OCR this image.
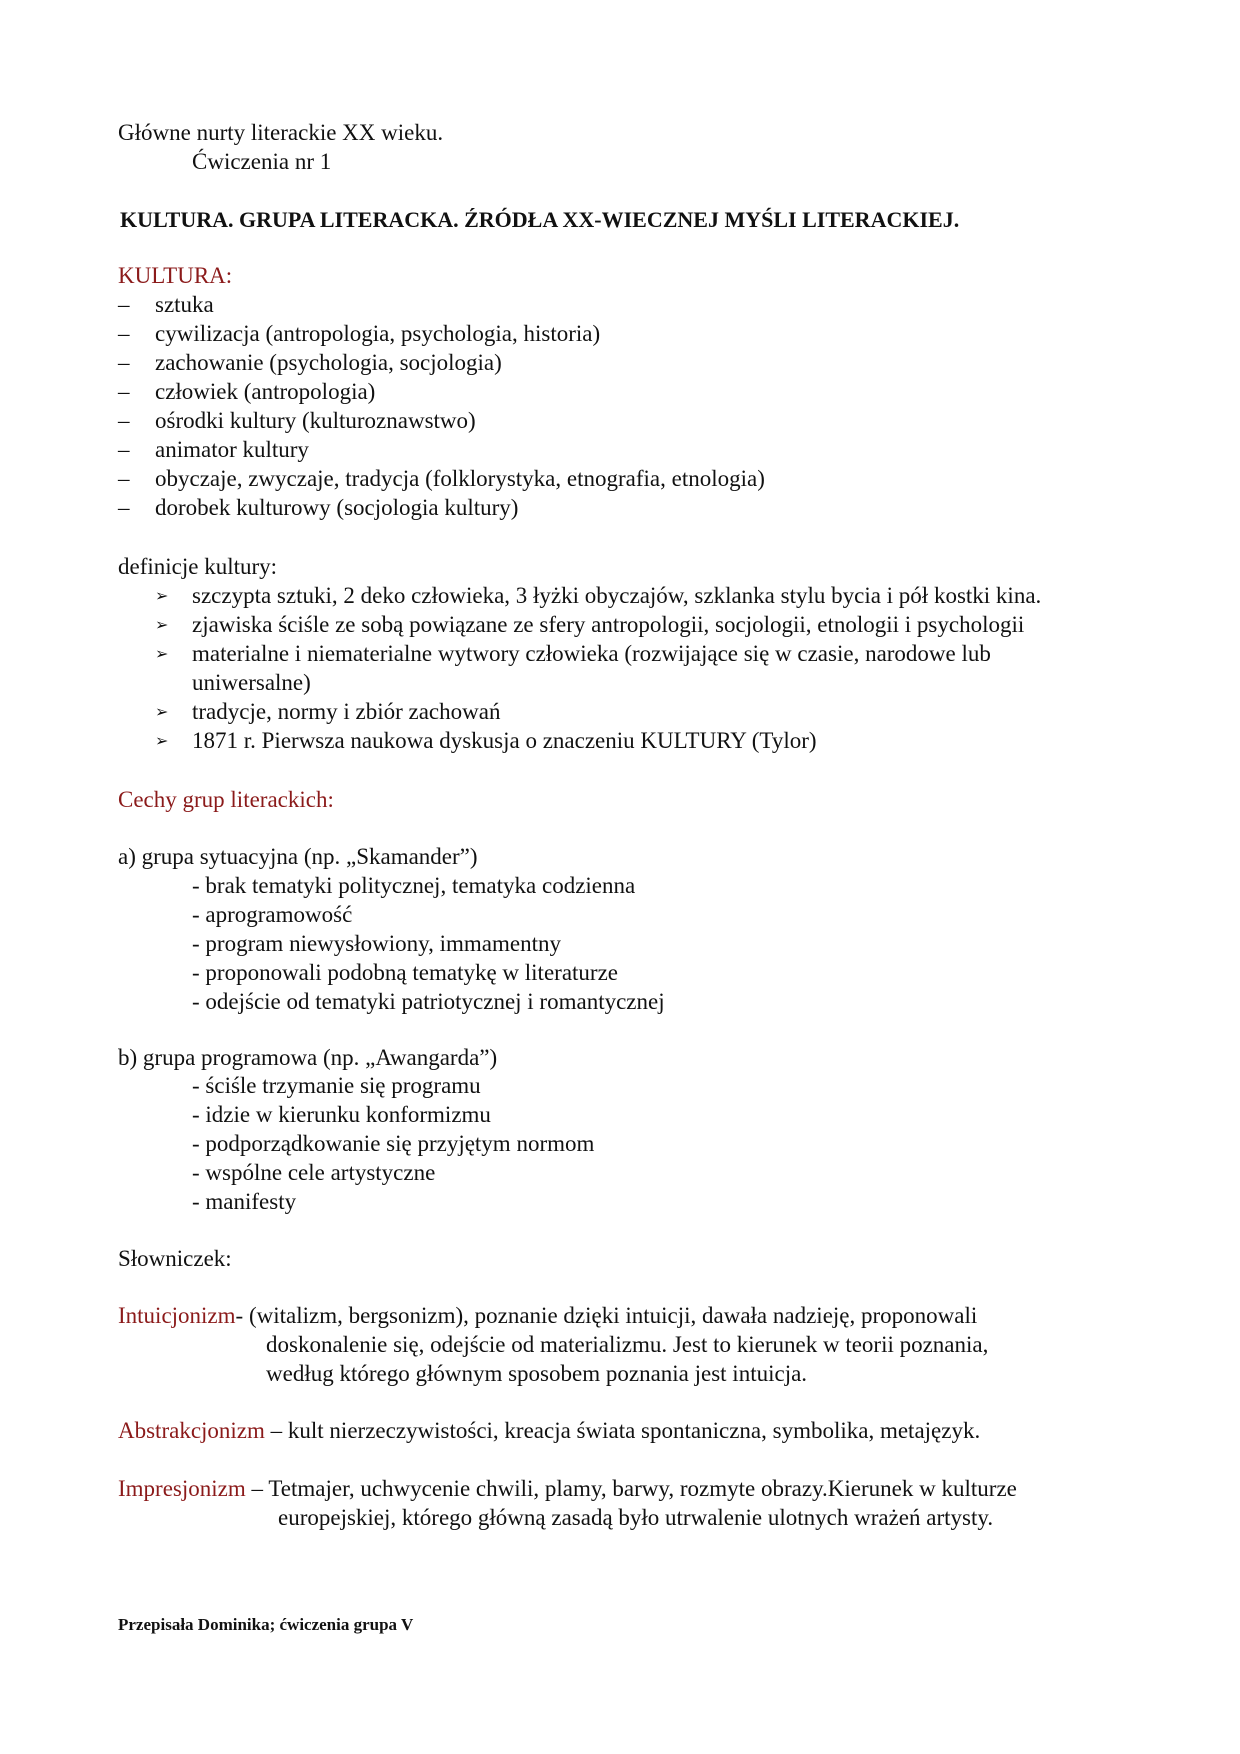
Główne nurty literackie XX wieku.
Ćwiczenia nr 1
KULTURA. GRUPA LITERACKA. ŹRÓDŁA XX-WIECZNEJ MYŚLI LITERACKIEJ.
KULTURA:
– sztuka
– cywilizacja (antropologia, psychologia, historia)
– zachowanie (psychologia, socjologia)
– człowiek (antropologia)
– ośrodki kultury (kulturoznawstwo)
– animator kultury
– obyczaje, zwyczaje, tradycja (folklorystyka, etnografia, etnologia)
– dorobek kulturowy (socjologia kultury)
definicje kultury:
➢ szczypta sztuki, 2 deko człowieka, 3 łyżki obyczajów, szklanka stylu bycia i pół kostki kina.
➢ zjawiska ściśle ze sobą powiązane ze sfery antropologii, socjologii, etnologii i psychologii
➢ materialne i niematerialne wytwory człowieka (rozwijające się w czasie, narodowe lub
uniwersalne)
➢ tradycje, normy i zbiór zachowań
➢ 1871 r. Pierwsza naukowa dyskusja o znaczeniu KULTURY (Tylor)
Cechy grup literackich:
a) grupa sytuacyjna (np. „Skamander”)
- brak tematyki politycznej, tematyka codzienna
- aprogramowość
- program niewysłowiony, immamentny
- proponowali podobną tematykę w literaturze
- odejście od tematyki patriotycznej i romantycznej
b) grupa programowa (np. „Awangarda”)
- ściśle trzymanie się programu
- idzie w kierunku konformizmu
- podporządkowanie się przyjętym normom
- wspólne cele artystyczne
- manifesty
Słowniczek:
Intuicjonizm- (witalizm, bergsonizm), poznanie dzięki intuicji, dawała nadzieję, proponowali
doskonalenie się, odejście od materializmu. Jest to kierunek w teorii poznania,
według którego głównym sposobem poznania jest intuicja.
Abstrakcjonizm – kult nierzeczywistości, kreacja świata spontaniczna, symbolika, metajęzyk.
Impresjonizm – Tetmajer, uchwycenie chwili, plamy, barwy, rozmyte obrazy.Kierunek w kulturze
europejskiej, którego główną zasadą było utrwalenie ulotnych wrażeń artysty.
Przepisała Dominika; ćwiczenia grupa V
